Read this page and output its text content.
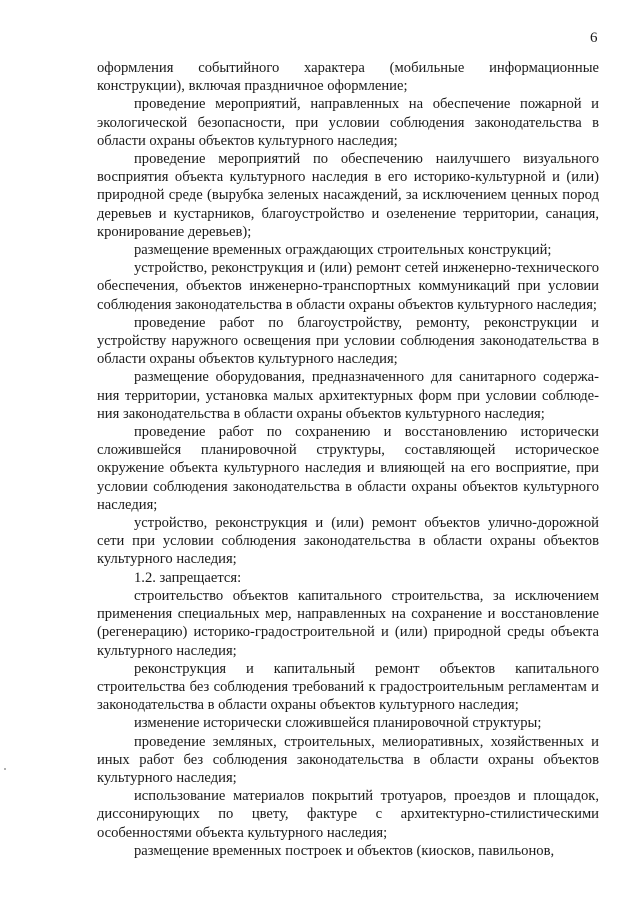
6

оформления событийного характера (мобильные информационные конструкции), включая праздничное оформление;

проведение мероприятий, направленных на обеспечение пожарной и экологической безопасности, при условии соблюдения законодательства в области охраны объектов культурного наследия;

проведение мероприятий по обеспечению наилучшего визуального восприятия объекта культурного наследия в его историко-культурной и (или) природной среде (вырубка зеленых насаждений, за исключением ценных пород деревьев и кустарников, благоустройство и озеленение территории, санация, кронирование деревьев);

размещение временных ограждающих строительных конструкций;

устройство, реконструкция и (или) ремонт сетей инженерно-технического обеспечения, объектов инженерно-транспортных коммуникаций при условии соблюдения законодательства в области охраны объектов культурного наследия;

проведение работ по благоустройству, ремонту, реконструкции и устройству наружного освещения при условии соблюдения законодательства в области охраны объектов культурного наследия;

размещение оборудования, предназначенного для санитарного содержа-ния территории, установка малых архитектурных форм при условии соблюде-ния законодательства в области охраны объектов культурного наследия;

проведение работ по сохранению и восстановлению исторически сложившейся планировочной структуры, составляющей историческое окружение объекта культурного наследия и влияющей на его восприятие, при условии соблюдения законодательства в области охраны объектов культурного наследия;

устройство, реконструкция и (или) ремонт объектов улично-дорожной сети при условии соблюдения законодательства в области охраны объектов культурного наследия;

1.2. запрещается:

строительство объектов капитального строительства, за исключением применения специальных мер, направленных на сохранение и восстановление (регенерацию) историко-градостроительной и (или) природной среды объекта культурного наследия;

реконструкция и капитальный ремонт объектов капитального строительства без соблюдения требований к градостроительным регламентам и законодательства в области охраны объектов культурного наследия;

изменение исторически сложившейся планировочной структуры;

проведение земляных, строительных, мелиоративных, хозяйственных и иных работ без соблюдения законодательства в области охраны объектов культурного наследия;

использование материалов покрытий тротуаров, проездов и площадок, диссонирующих по цвету, фактуре с архитектурно-стилистическими особенностями объекта культурного наследия;

размещение временных построек и объектов (киосков, павильонов,
